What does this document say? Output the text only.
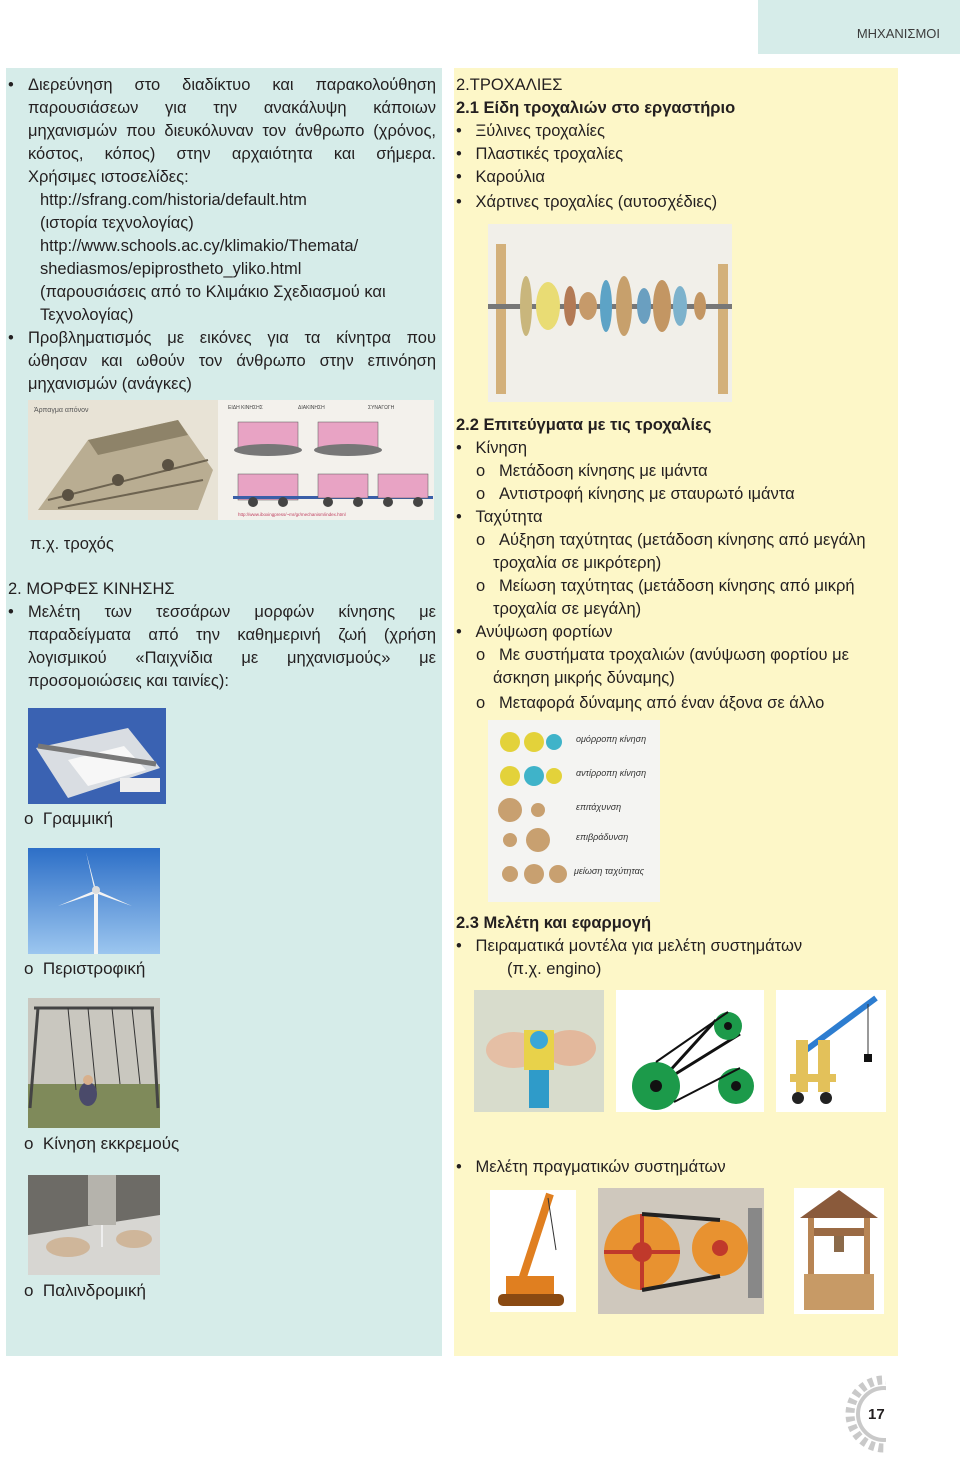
ΜΗΧΑΝΙΣΜΟΙ
• Διερεύνηση στο διαδίκτυο και παρακολούθηση

παρουσιάσεων για την ανακάλυψη κάποιων

μηχανισμών που διευκόλυναν τον άνθρωπο (χρόνος,

κόστος, κόπος) στην αρχαιότητα και σήμερα.

Χρήσιμες ιστοσελίδες:

http://sfrang.com/historia/default.htm

(ιστορία τεχνολογίας)

http://www.schools.ac.cy/klimakio/Themata/

shediasmos/epiprostheto_yliko.html

(παρουσιάσεις από το Κλιμάκιο Σχεδιασμού και

Τεχνολογίας)

• Προβληματισμός με εικόνες για τα κίνητρα που

ώθησαν και ωθούν τον άνθρωπο στην επινόηση

μηχανισμών (ανάγκες)

Άρπαγμα απόνον	ΕΙΔΗ ΚΙΝΗΣΗΣ	ΔΙΑΚΙΝΗΣΗ	ΣΥΝΑΓΩΓΗ
http://www.iboxingpress/~mr/gr/mechanism/index.html
π.χ. τροχός
2. ΜΟΡΦΕΣ ΚΙΝΗΣΗΣ
• Μελέτη των τεσσάρων μορφών κίνησης με

παραδείγματα από την καθημερινή ζωή (χρήση

λογισμικού «Παιχνίδια με μηχανισμούς» με

προσομοιώσεις και ταινίες):

o Γραμμική
o Περιστροφική
o Κίνηση εκκρεμούς
o Παλινδρομική

2.ΤΡΟΧΑΛΙΕΣ

2.1 Είδη τροχαλιών στο εργαστήριο

• Ξύλινες τροχαλίες

• Πλαστικές τροχαλίες

• Καρούλια

• Χάρτινες τροχαλίες (αυτοσχέδιες)

2.2 Επιτεύγματα με τις τροχαλίες

• Κίνηση

o Μετάδοση κίνησης με ιμάντα

o Αντιστροφή κίνησης με σταυρωτό ιμάντα

• Ταχύτητα

o Αύξηση ταχύτητας (μετάδοση κίνησης από μεγάλη

τροχαλία σε μικρότερη)

o Μείωση ταχύτητας (μετάδοση κίνησης από μικρή

τροχαλία σε μεγάλη)

• Ανύψωση φορτίων

o Με συστήματα τροχαλιών (ανύψωση φορτίου με

άσκηση μικρής δύναμης)

o Μεταφορά δύναμης από έναν άξονα σε άλλο

ομόρροπη κίνηση
αντίρροπη κίνηση
επιτάχυνση
επιβράδυνση
μείωση ταχύτητας

2.3 Μελέτη και εφαρμογή

• Πειραματικά μοντέλα για μελέτη συστημάτων

(π.χ. engino)

• Μελέτη πραγματικών συστημάτων

17
